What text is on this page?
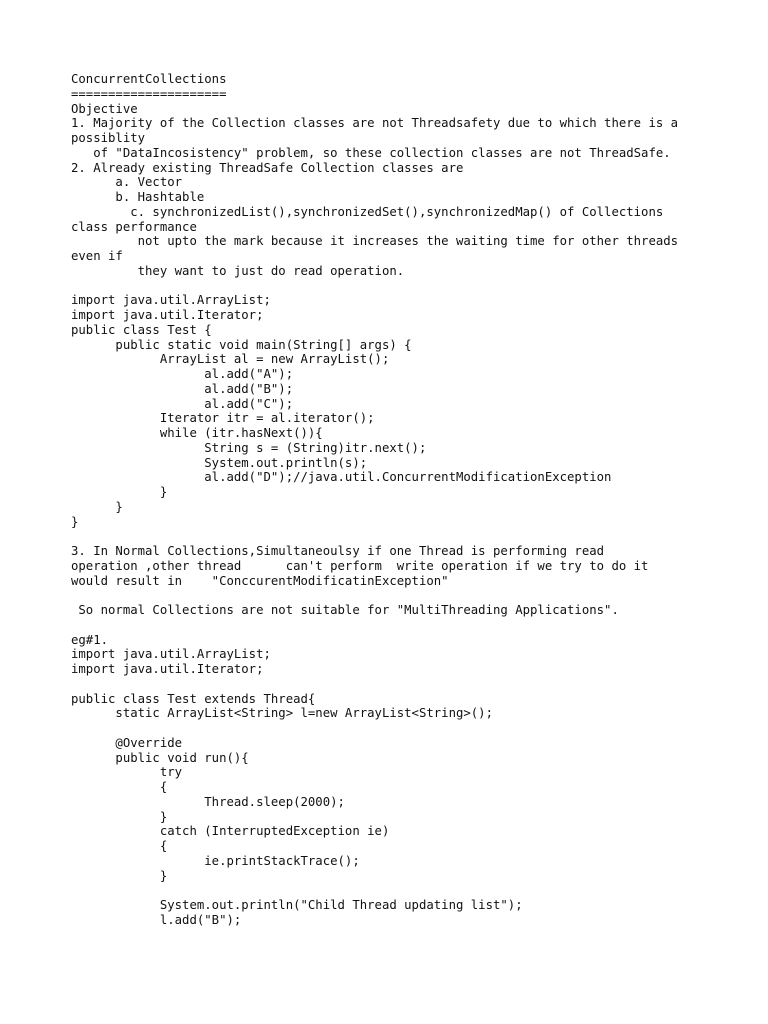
ConcurrentCollections
=====================
Objective
1. Majority of the Collection classes are not Threadsafety due to which there is a
possiblity
of "DataIncosistency" problem, so these collection classes are not ThreadSafe.
2. Already existing ThreadSafe Collection classes are
a. Vector
b. Hashtable
c. synchronizedList(),synchronizedSet(),synchronizedMap() of Collections
class performance
not upto the mark because it increases the waiting time for other threads
even if
they want to just do read operation.
import java.util.ArrayList;
import java.util.Iterator;
public class Test {
public static void main(String[] args) {
ArrayList al = new ArrayList();
al.add("A");
al.add("B");
al.add("C");
Iterator itr = al.iterator();
while (itr.hasNext()){
String s = (String)itr.next();
System.out.println(s);
al.add("D");//java.util.ConcurrentModificationException
}
}
}
3. In Normal Collections,Simultaneoulsy if one Thread is performing read
operation ,other thread      can't perform  write operation if we try to do it
would result in    "ConccurentModificatinException"
So normal Collections are not suitable for "MultiThreading Applications".
eg#1.
import java.util.ArrayList;
import java.util.Iterator;
public class Test extends Thread{
static ArrayList<String> l=new ArrayList<String>();
@Override
public void run(){
try
{
Thread.sleep(2000);
}
catch (InterruptedException ie)
{
ie.printStackTrace();
}
System.out.println("Child Thread updating list");
l.add("B");
